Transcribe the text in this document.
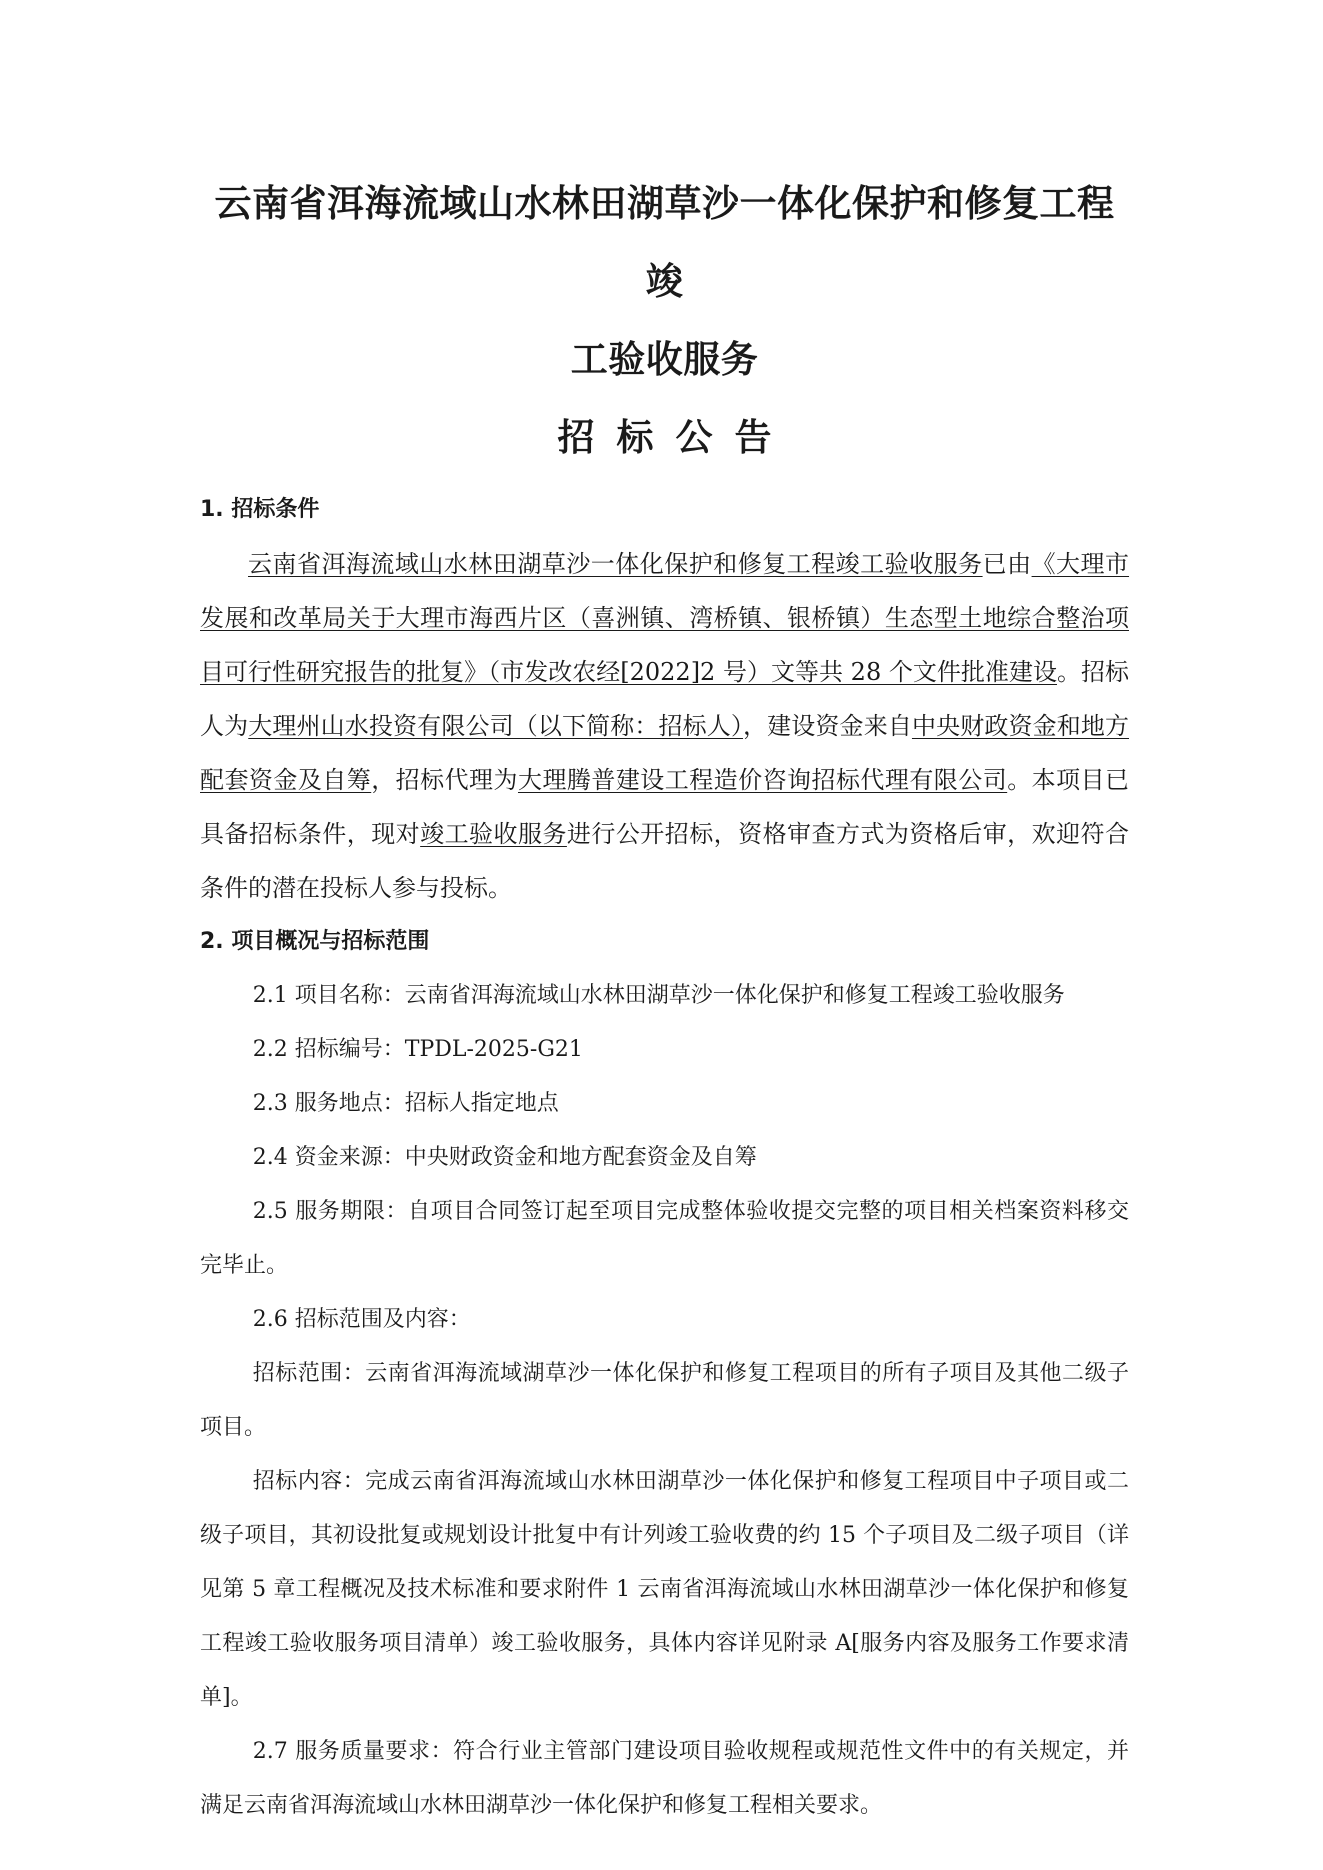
云南省洱海流域山水林田湖草沙一体化保护和修复工程竣
工验收服务
招标公告

1. 招标条件

云南省洱海流域山水林田湖草沙一体化保护和修复工程竣工验收服务已由《大理市发展和改革局关于大理市海西片区（喜洲镇、湾桥镇、银桥镇）生态型土地综合整治项目可行性研究报告的批复》（市发改农经[2022]2 号）文等共 28 个文件批准建设。招标人为大理州山水投资有限公司（以下简称：招标人），建设资金来自中央财政资金和地方配套资金及自筹，招标代理为大理腾普建设工程造价咨询招标代理有限公司。本项目已具备招标条件，现对竣工验收服务进行公开招标，资格审查方式为资格后审，欢迎符合条件的潜在投标人参与投标。

2. 项目概况与招标范围

2.1 项目名称：云南省洱海流域山水林田湖草沙一体化保护和修复工程竣工验收服务

2.2 招标编号：TPDL-2025-G21

2.3 服务地点：招标人指定地点

2.4 资金来源：中央财政资金和地方配套资金及自筹

2.5 服务期限：自项目合同签订起至项目完成整体验收提交完整的项目相关档案资料移交完毕止。

2.6 招标范围及内容：

招标范围：云南省洱海流域湖草沙一体化保护和修复工程项目的所有子项目及其他二级子项目。

招标内容：完成云南省洱海流域山水林田湖草沙一体化保护和修复工程项目中子项目或二级子项目，其初设批复或规划设计批复中有计列竣工验收费的约 15 个子项目及二级子项目（详见第 5 章工程概况及技术标准和要求附件 1 云南省洱海流域山水林田湖草沙一体化保护和修复工程竣工验收服务项目清单）竣工验收服务，具体内容详见附录 A[服务内容及服务工作要求清单]。

2.7 服务质量要求：符合行业主管部门建设项目验收规程或规范性文件中的有关规定，并满足云南省洱海流域山水林田湖草沙一体化保护和修复工程相关要求。
